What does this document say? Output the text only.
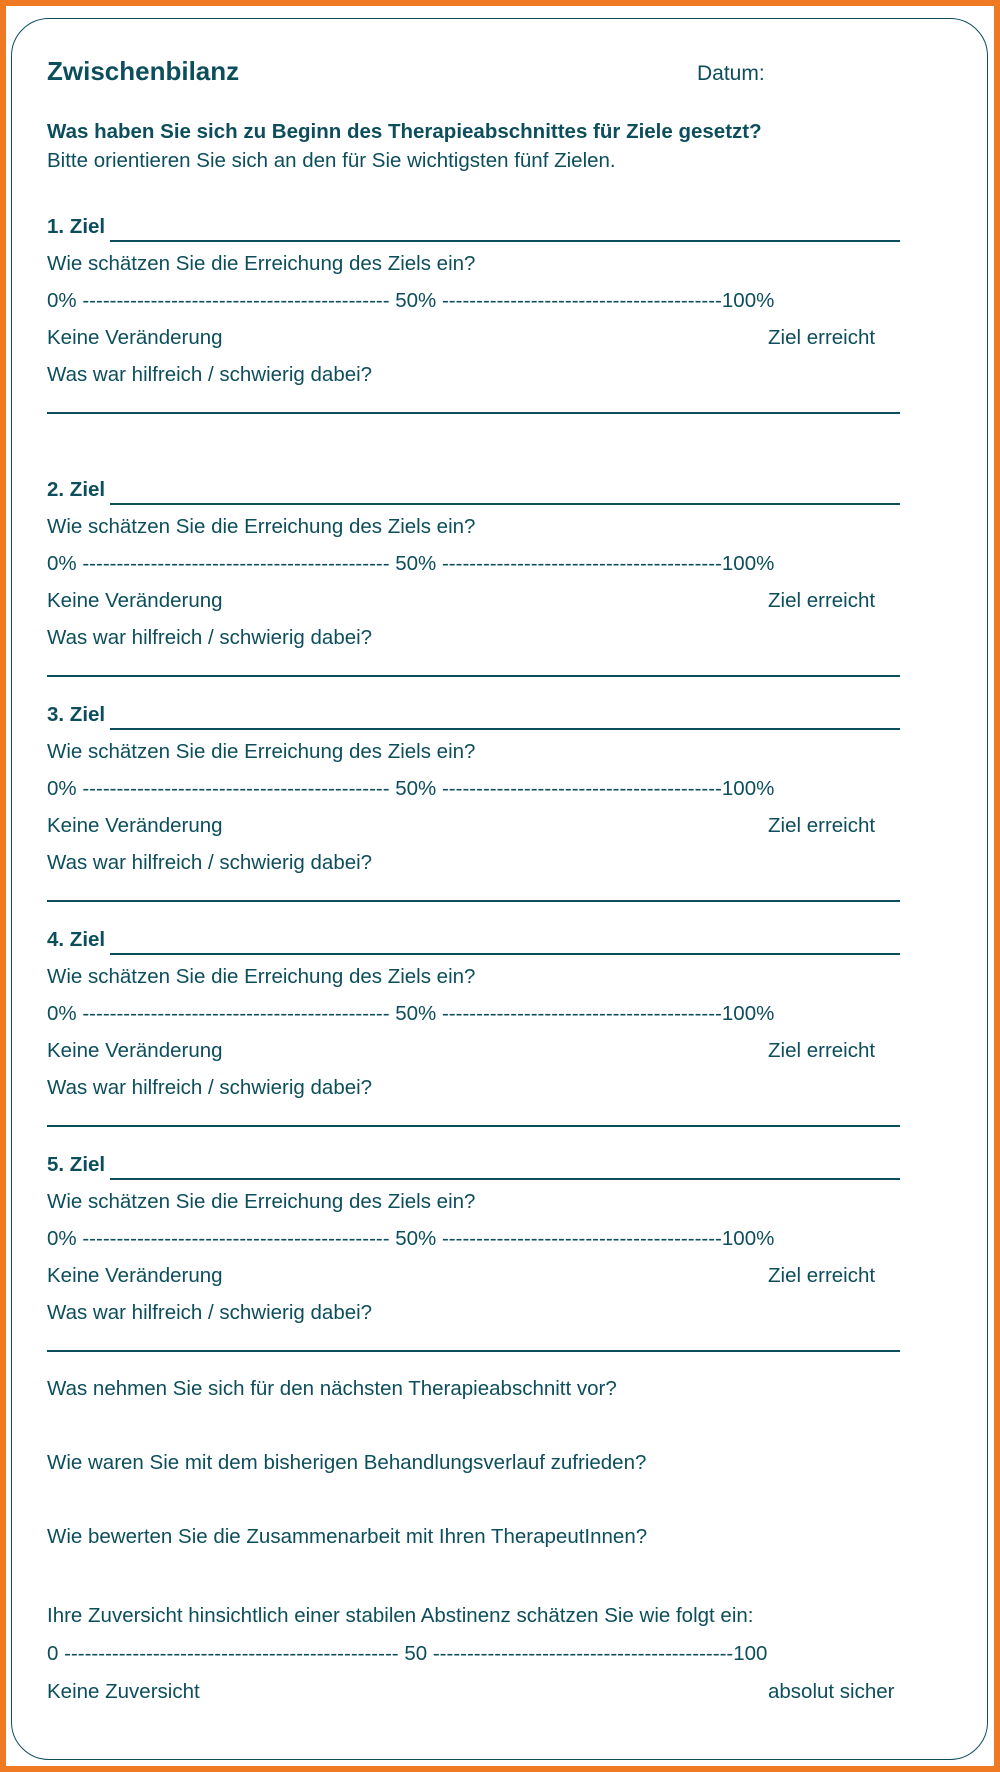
Zwischenbilanz	Datum:
Was haben Sie sich zu Beginn des Therapieabschnittes für Ziele gesetzt?
Bitte orientieren Sie sich an den für Sie wichtigsten fünf Zielen.
1. Ziel
Wie schätzen Sie die Erreichung des Ziels ein?
0% --------------------------------------------- 50% -----------------------------------------100%
Keine Veränderung	Ziel erreicht
Was war hilfreich / schwierig dabei?
2. Ziel
Wie schätzen Sie die Erreichung des Ziels ein?
0% --------------------------------------------- 50% -----------------------------------------100%
Keine Veränderung	Ziel erreicht
Was war hilfreich / schwierig dabei?
3. Ziel
Wie schätzen Sie die Erreichung des Ziels ein?
0% --------------------------------------------- 50% -----------------------------------------100%
Keine Veränderung	Ziel erreicht
Was war hilfreich / schwierig dabei?
4. Ziel
Wie schätzen Sie die Erreichung des Ziels ein?
0% --------------------------------------------- 50% -----------------------------------------100%
Keine Veränderung	Ziel erreicht
Was war hilfreich / schwierig dabei?
5. Ziel
Wie schätzen Sie die Erreichung des Ziels ein?
0% --------------------------------------------- 50% -----------------------------------------100%
Keine Veränderung	Ziel erreicht
Was war hilfreich / schwierig dabei?
Was nehmen Sie sich für den nächsten Therapieabschnitt vor?
Wie waren Sie mit dem bisherigen Behandlungsverlauf zufrieden?
Wie bewerten Sie die Zusammenarbeit mit Ihren TherapeutInnen?
Ihre Zuversicht hinsichtlich einer stabilen Abstinenz schätzen Sie wie folgt ein:
0 ------------------------------------------------- 50 --------------------------------------------100
Keine Zuversicht	absolut sicher
